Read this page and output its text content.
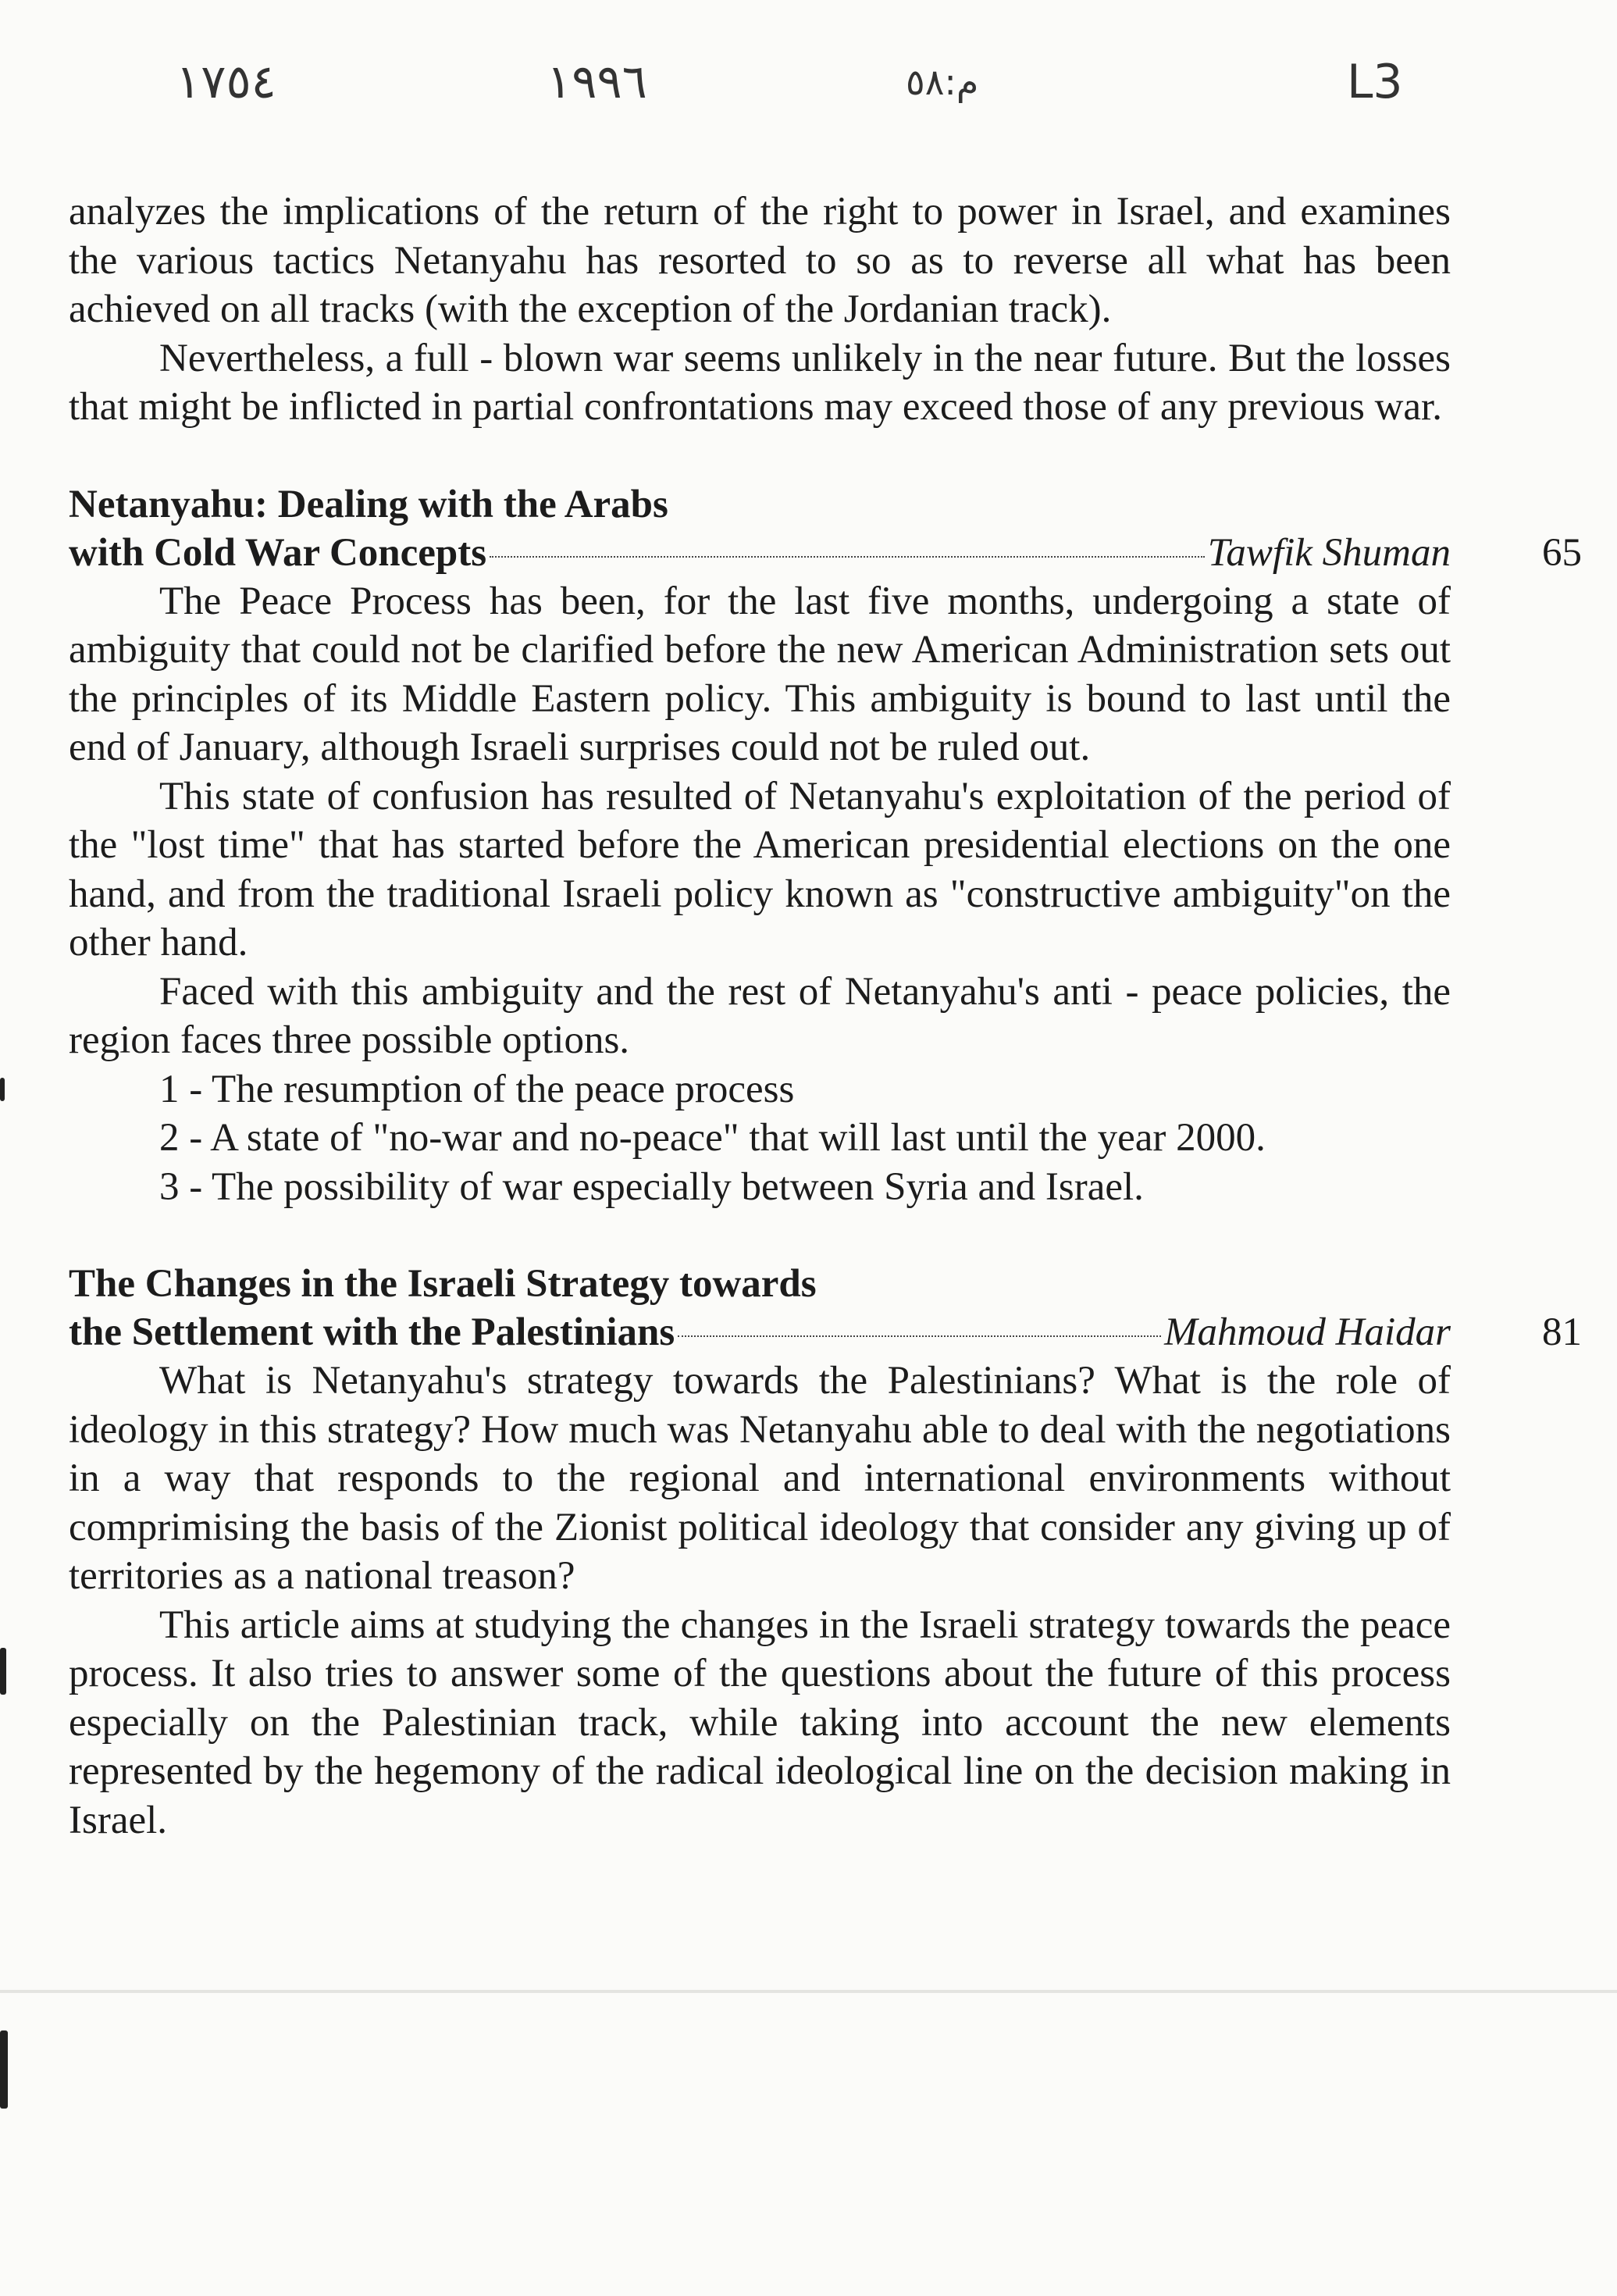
١٧٥٤	١٩٩٦	م:٥٨	L3

analyzes the implications of the return of the right to power in Israel, and examines the various tactics Netanyahu has resorted to so as to reverse all what has been achieved on all tracks (with the exception of the Jordanian track).

Nevertheless, a full - blown war seems unlikely in the near future. But the losses that might be inflicted in partial confrontations may exceed those of any previous war.

Netanyahu: Dealing with the Arabs

with Cold War Concepts	Tawfik Shuman 65

The Peace Process has been, for the last five months, undergoing a state of ambiguity that could not be clarified before the new American Administration sets out the principles of its Middle Eastern policy. This ambiguity is bound to last until the end of January, although Israeli surprises could not be ruled out.

This state of confusion has resulted of Netanyahu's exploitation of the period of the "lost time" that has started before the American presidential elections on the one hand, and from the traditional Israeli policy known as "constructive ambiguity"on the other hand.

Faced with this ambiguity and the rest of Netanyahu's anti - peace policies, the region faces three possible options.

1 - The resumption of the peace process

2 - A state of "no-war and no-peace" that will last until the year 2000.

3 - The possibility of war especially between Syria and Israel.

The Changes in the Israeli Strategy towards

the Settlement with the Palestinians	Mahmoud Haidar 81

What is Netanyahu's strategy towards the Palestinians? What is the role of ideology in this strategy? How much was Netanyahu able to deal with the negotiations in a way that responds to the regional and international environments without comprimising the basis of the Zionist political ideology that consider any giving up of territories as a national treason?

This article aims at studying the changes in the Israeli strategy towards the peace process. It also tries to answer some of the questions about the future of this process especially on the Palestinian track, while taking into account the new elements represented by the hegemony of the radical ideological line on the decision making in Israel.
